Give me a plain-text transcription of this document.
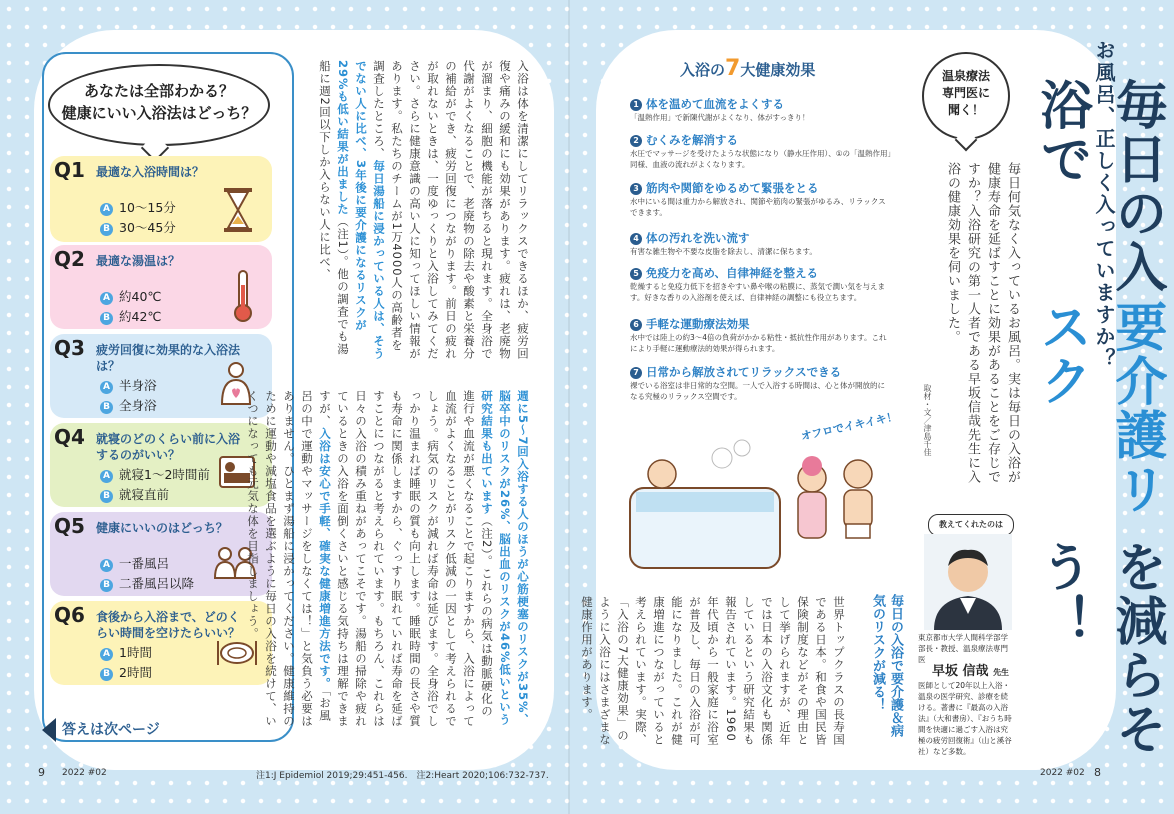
あなたは全部わかる？
健康にいい入浴法はどっち？
Q1 最適な入浴時間は？
A 10〜15分
B 30〜45分
Q2 最適な湯温は？
A 約40℃
B 約42℃
Q3 疲労回復に効果的な入浴法は？
A 半身浴
B 全身浴
Q4 就寝のどのくらい前に入浴するのがいい？
A 就寝1〜2時間前
B 就寝直前
Q5 健康にいいのはどっち？
A 一番風呂
B 二番風呂以降
Q6 食後から入浴まで、どのくらい時間を空けたらいい？
A 1時間
B 2時間
答えは次ページ
入浴は体を清潔にしてリラックスできるほか、疲労回復や痛みの緩和にも効果があります。疲れは、老廃物が溜まり、細胞の機能が落ちると現れます。全身浴で代謝がよくなることで、老廃物の除去や酸素と栄養分の補給ができ、疲労回復につながります。前日の疲れが取れないときは、一度ゆっくりと入浴してみてください。さらに健康意識の高い人に知ってほしい情報があります。私たちのチームが1万4000人の高齢者を調査したところ、毎日湯船に浸かっている人は、そうでない人に比べ、3年後に要介護になるリスクが29%も低い結果が出ました（注1）。他の調査でも湯船に週2回以下しか入らない人に比べ、
週に5〜7回入浴する人のほうが心筋梗塞のリスクが35%、脳卒中のリスクが26%、脳出血のリスクが46%低いという研究結果も出ています（注2）。これらの病気は動脈硬化の進行や血流が悪くなることで起こりますから、入浴によって血流がよくなることがリスク低減の一因として考えられるでしょう。病気のリスクが減れば寿命は延びます。全身浴でしっかり温まれば睡眠の質も向上します。睡眠時間の長さや質も寿命に関係しますから、ぐっすり眠れていれば寿命を延ばすことにつながると考えられています。もちろん、これらは日々の入浴の積み重ねがあってこそです。湯船の掃除や疲れているときの入浴を面倒くさいと感じる気持ちは理解できますが、入浴は安心で手軽、確実な健康増進方法です。「お風呂の中で運動やマッサージをしなくては！」と気負う必要はありません。ひとまず湯船に浸かってください。健康維持のために運動や減塩食品を選ぶように毎日の入浴を続けて、いくつになっても元気な体を目指しましょう。
入浴の7大健康効果
1 体を温めて血流をよくする
「温熱作用」で新陳代謝がよくなり、体がすっきり！
2 むくみを解消する
水圧でマッサージを受けたような状態になり（静水圧作用）、①の「温熱作用」同様、血液の流れがよくなります。
3 筋肉や関節をゆるめて緊張をとる
水中にいる間は重力から解放され、関節や筋肉の緊張がゆるみ、リラックスできます。
4 体の汚れを洗い流す
有害な雑生物や不要な皮脂を除去し、清潔に保ちます。
5 免疫力を高め、自律神経を整える
乾燥すると免疫力低下を招きやすい鼻や喉の粘膜に、蒸気で潤い気を与えます。好きな香りの入浴剤を使えば、自律神経の調整にも役立ちます。
6 手軽な運動療法効果
水中では陸上の約3〜4倍の負荷がかかる粘性・抵抗性作用があります。これにより手軽に運動療法的効果が得られます。
7 日常から解放されてリラックスできる
裸でいる浴室は非日常的な空間。一人で入浴する時間は、心と体が開放的になる究極のリラックス空間です。
オフロでイキイキ！
世界トップクラスの長寿国である日本。和食や国民皆保険制度などがその理由として挙げられますが、近年では日本の入浴文化も関係しているという研究結果も報告されています。1960年代頃から一般家庭に浴室が普及し、毎日の入浴が可能になりました。これが健康増進につながっていると考えられています。実際、「入浴の7大健康効果」のように入浴にはさまざまな健康作用があります。	毎日の入浴で要介護＆病気のリスクが減る！
お風呂、正しく入っていますか？
毎日の入浴で
要介護リスク
を減らそう！
温泉療法
専門医に
聞く！
毎日何気なく入っているお風呂。実は毎日の入浴が健康寿命を延ばすことに効果があることをご存じですか？入浴研究の第一人者である早坂信哉先生に入浴の健康効果を伺いました。
取材・文／津島千佳
教えてくれたのは
東京都市大学人間科学部学部長・教授、温泉療法専門医
早坂 信哉 先生
医師として20年以上入浴・温泉の医学研究、診療を続ける。著書に『最高の入浴法』（大和書房）、『おうち時間を快適に過ごす入浴は究極の疲労回復術』（山と溪谷社）など多数。
9 2022 #02	注1:J Epidemiol 2019;29:451-456.　注2:Heart 2020;106:732-737.	2022 #02 8
